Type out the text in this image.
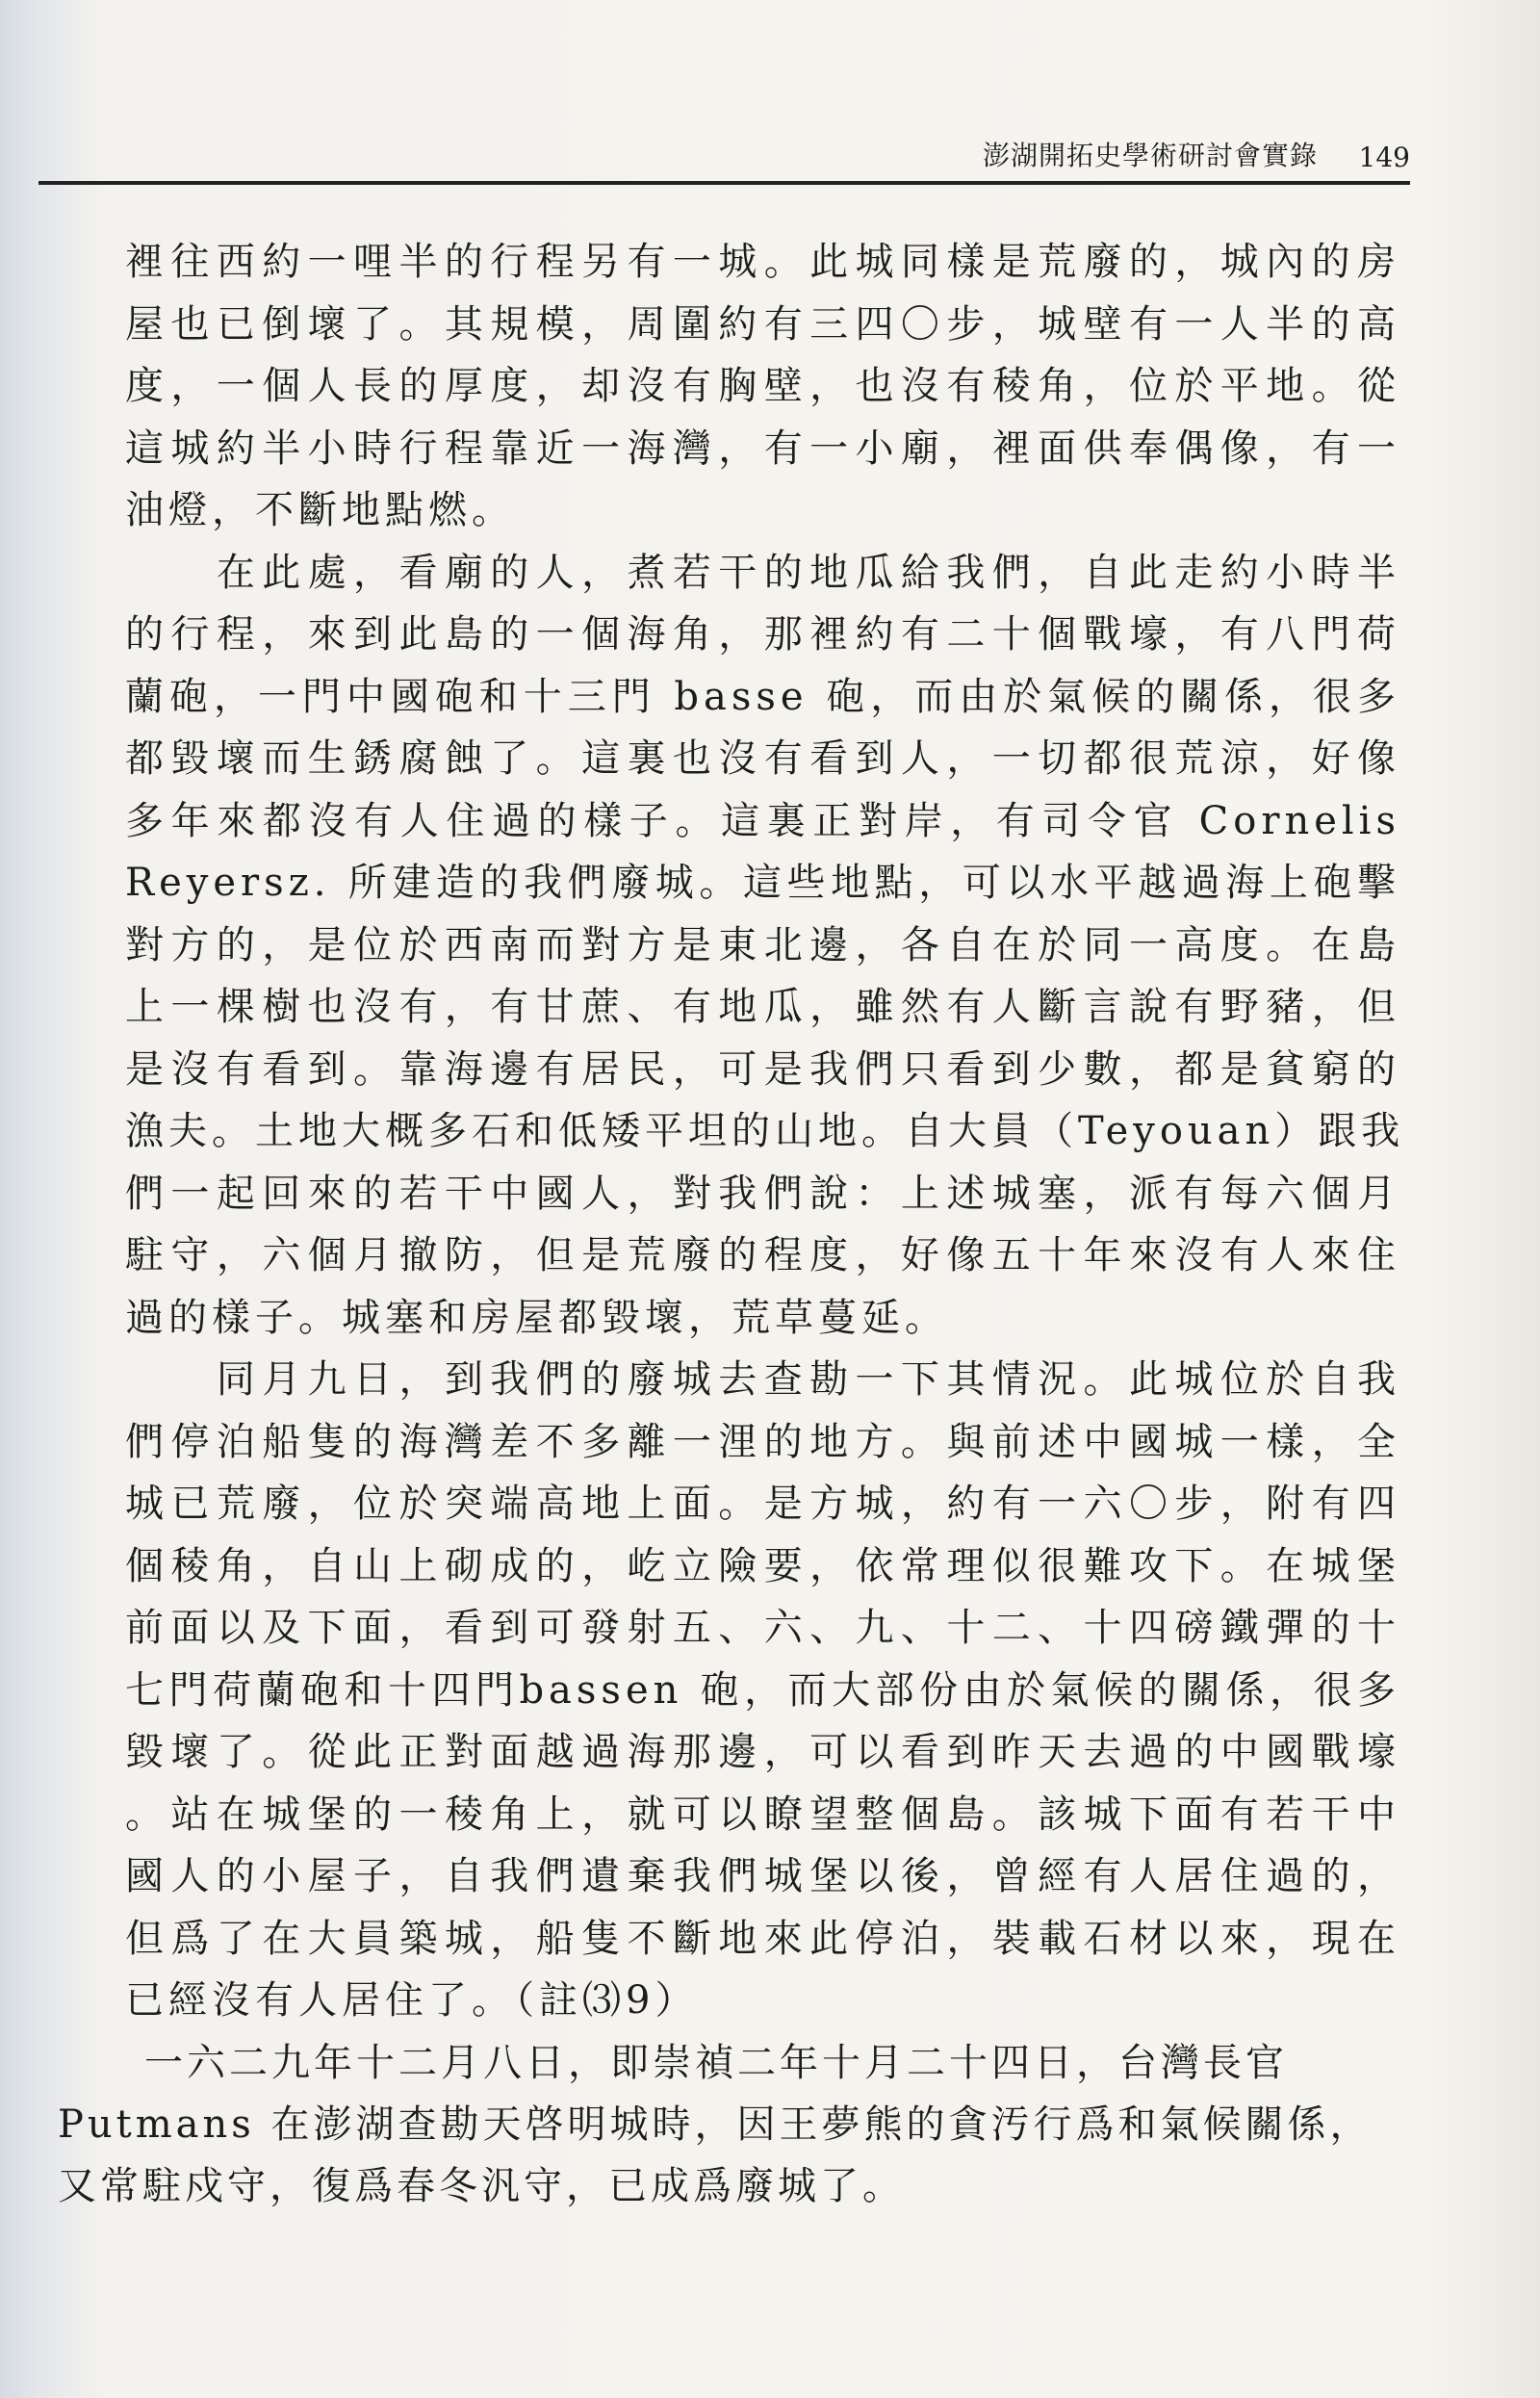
澎湖開拓史學術研討會實錄 149

裡往西約一哩半的行程另有一城。此城同樣是荒廢的，城內的房

屋也已倒壞了。其規模，周圍約有三四〇步，城壁有一人半的高

度，一個人長的厚度，却沒有胸壁，也沒有稜角，位於平地。從

這城約半小時行程靠近一海灣，有一小廟，裡面供奉偶像，有一

油燈，不斷地點燃。

　　在此處，看廟的人，煮若干的地瓜給我們，自此走約小時半

的行程，來到此島的一個海角，那裡約有二十個戰壕，有八門荷

蘭砲，一門中國砲和十三門 basse 砲，而由於氣候的關係，很多

都毀壞而生銹腐蝕了。這裏也沒有看到人，一切都很荒涼，好像

多年來都沒有人住過的樣子。這裏正對岸，有司令官 Cornelis

Reyersz. 所建造的我們廢城。這些地點，可以水平越過海上砲擊

對方的，是位於西南而對方是東北邊，各自在於同一高度。在島

上一棵樹也沒有，有甘蔗、有地瓜，雖然有人斷言說有野豬，但

是沒有看到。靠海邊有居民，可是我們只看到少數，都是貧窮的

漁夫。土地大概多石和低矮平坦的山地。自大員（Teyouan）跟我

們一起回來的若干中國人，對我們說：上述城塞，派有每六個月

駐守，六個月撤防，但是荒廢的程度，好像五十年來沒有人來住

過的樣子。城塞和房屋都毀壞，荒草蔓延。

　　同月九日，到我們的廢城去查勘一下其情況。此城位於自我

們停泊船隻的海灣差不多離一浬的地方。與前述中國城一樣，全

城已荒廢，位於突端高地上面。是方城，約有一六〇步，附有四

個稜角，自山上砌成的，屹立險要，依常理似很難攻下。在城堡

前面以及下面，看到可發射五、六、九、十二、十四磅鐵彈的十

七門荷蘭砲和十四門bassen 砲，而大部份由於氣候的關係，很多

毀壞了。從此正對面越過海那邊，可以看到昨天去過的中國戰壕

。站在城堡的一稜角上，就可以瞭望整個島。該城下面有若干中

國人的小屋子，自我們遺棄我們城堡以後，曾經有人居住過的，

但爲了在大員築城，船隻不斷地來此停泊，裝載石材以來，現在

已經沒有人居住了。（註⑶9）

一六二九年十二月八日，即崇禎二年十月二十四日，台灣長官

Putmans 在澎湖查勘天啓明城時，因王夢熊的貪汚行爲和氣候關係，

又常駐戍守，復爲春冬汎守，已成爲廢城了。
